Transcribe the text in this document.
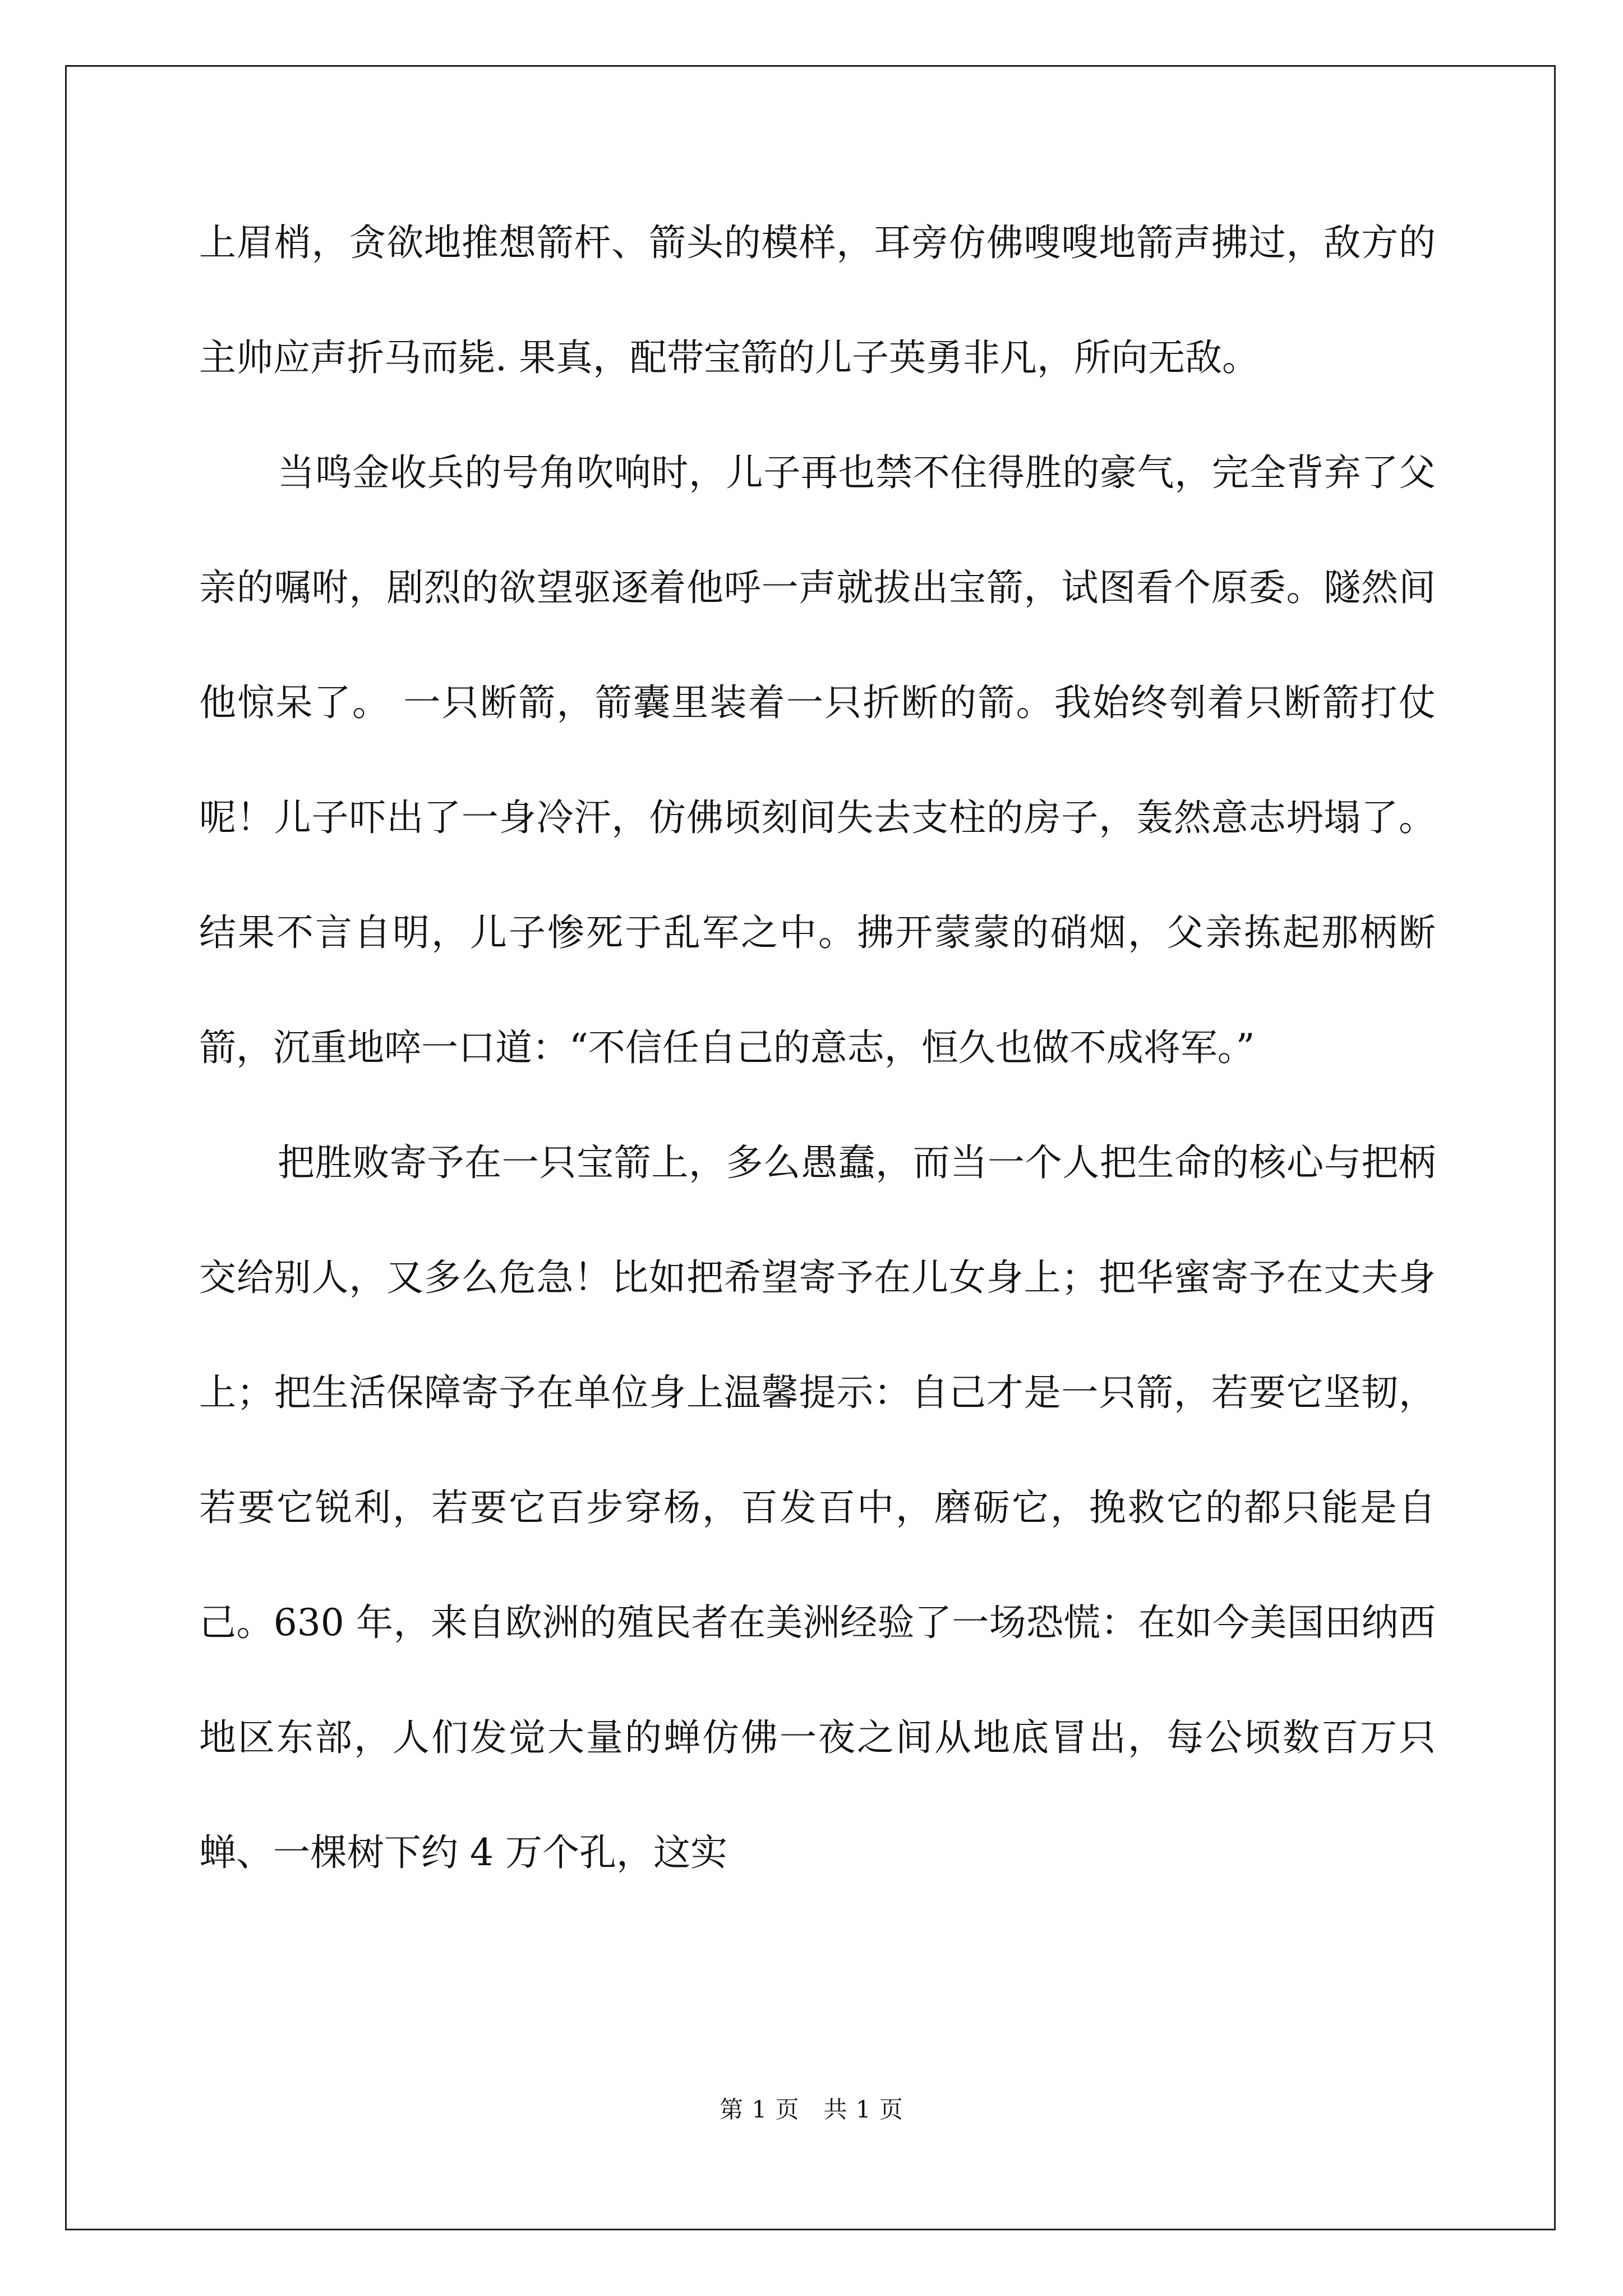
上眉梢，贪欲地推想箭杆、箭头的模样，耳旁仿佛嗖嗖地箭声拂过，敌方的主帅应声折马而毙. 果真，配带宝箭的儿子英勇非凡，所向无敌。

当鸣金收兵的号角吹响时，儿子再也禁不住得胜的豪气，完全背弃了父亲的嘱咐，剧烈的欲望驱逐着他呼一声就拔出宝箭，试图看个原委。隧然间他惊呆了。 一只断箭，箭囊里装着一只折断的箭。我始终刳着只断箭打仗呢！儿子吓出了一身冷汗，仿佛顷刻间失去支柱的房子，轰然意志坍塌了。结果不言自明，儿子惨死于乱军之中。拂开蒙蒙的硝烟，父亲拣起那柄断箭，沉重地啐一口道：“不信任自己的意志，恒久也做不成将军。”

把胜败寄予在一只宝箭上，多么愚蠢，而当一个人把生命的核心与把柄交给别人，又多么危急！比如把希望寄予在儿女身上；把华蜜寄予在丈夫身上；把生活保障寄予在单位身上温馨提示：自己才是一只箭，若要它坚韧，若要它锐利，若要它百步穿杨，百发百中，磨砺它，挽救它的都只能是自己。630 年，来自欧洲的殖民者在美洲经验了一场恐慌：在如今美国田纳西地区东部，人们发觉大量的蝉仿佛一夜之间从地底冒出，每公顷数百万只蝉、一棵树下约 4 万个孔，这实

第 1 页　共 1 页
